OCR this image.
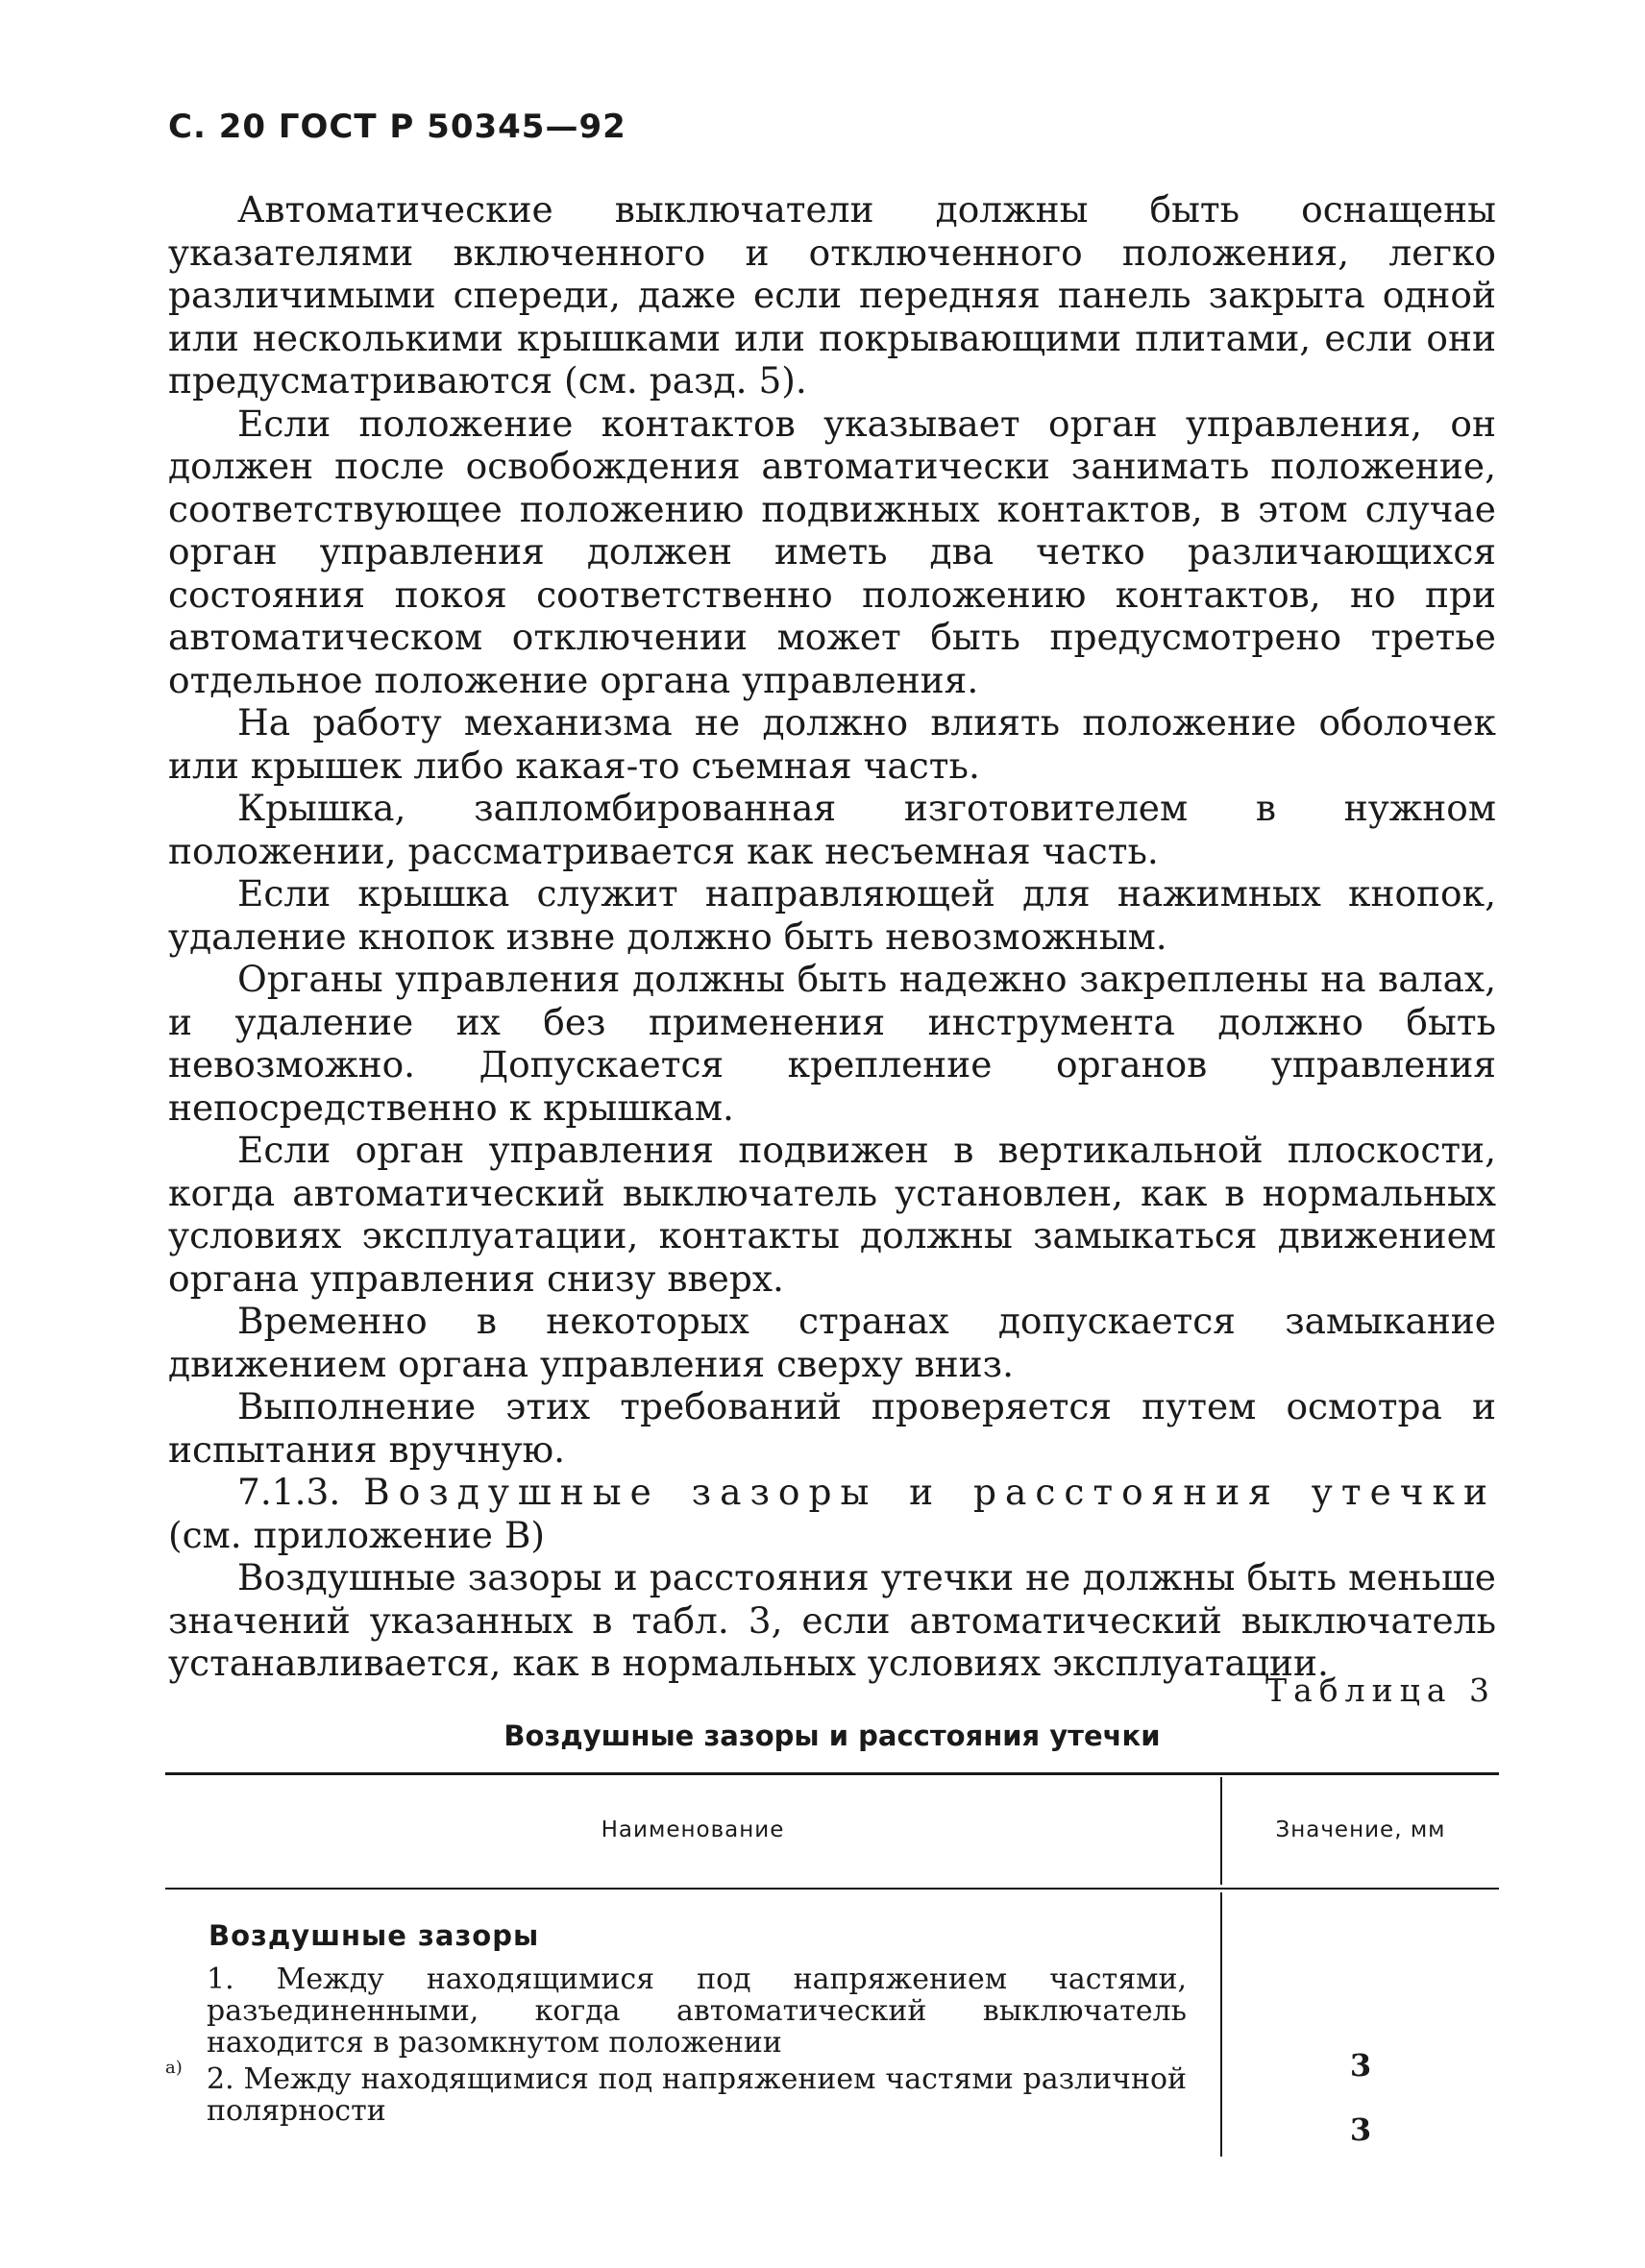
С. 20 ГОСТ Р 50345—92

Автоматические выключатели должны быть оснащены указателями включенного и отключенного положения, легко различимыми спереди, даже если передняя панель закрыта одной или несколькими крышками или покрывающими плитами, если они предусматриваются (см. разд. 5).

Если положение контактов указывает орган управления, он должен после освобождения автоматически занимать положение, соответствующее положению подвижных контактов, в этом случае орган управления должен иметь два четко различающихся состояния покоя соответственно положению контактов, но при автоматическом отключении может быть предусмотрено третье отдельное положение органа управления.

На работу механизма не должно влиять положение оболочек или крышек либо какая-то съемная часть.

Крышка, запломбированная изготовителем в нужном положении, рассматривается как несъемная часть.

Если крышка служит направляющей для нажимных кнопок, удаление кнопок извне должно быть невозможным.

Органы управления должны быть надежно закреплены на валах, и удаление их без применения инструмента должно быть невозможно. Допускается крепление органов управления непосредственно к крышкам.

Если орган управления подвижен в вертикальной плоскости, когда автоматический выключатель установлен, как в нормальных условиях эксплуатации, контакты должны замыкаться движением органа управления снизу вверх.

Временно в некоторых странах допускается замыкание движением органа управления сверху вниз.

Выполнение этих требований проверяется путем осмотра и испытания вручную.

7.1.3. Воздушные зазоры и расстояния утечки (см. приложение В)

Воздушные зазоры и расстояния утечки не должны быть меньше значений указанных в табл. 3, если автоматический выключатель устанавливается, как в нормальных условиях эксплуатации.

Таблица 3
Воздушные зазоры и расстояния утечки
Наименование	Значение, мм
Воздушные зазоры
1. Между находящимися под напряжением частями, разъединенными, когда автоматический выключатель находится в разомкнутом положении$^{а)}$	3
2. Между находящимися под напряжением частями различной полярности
3
